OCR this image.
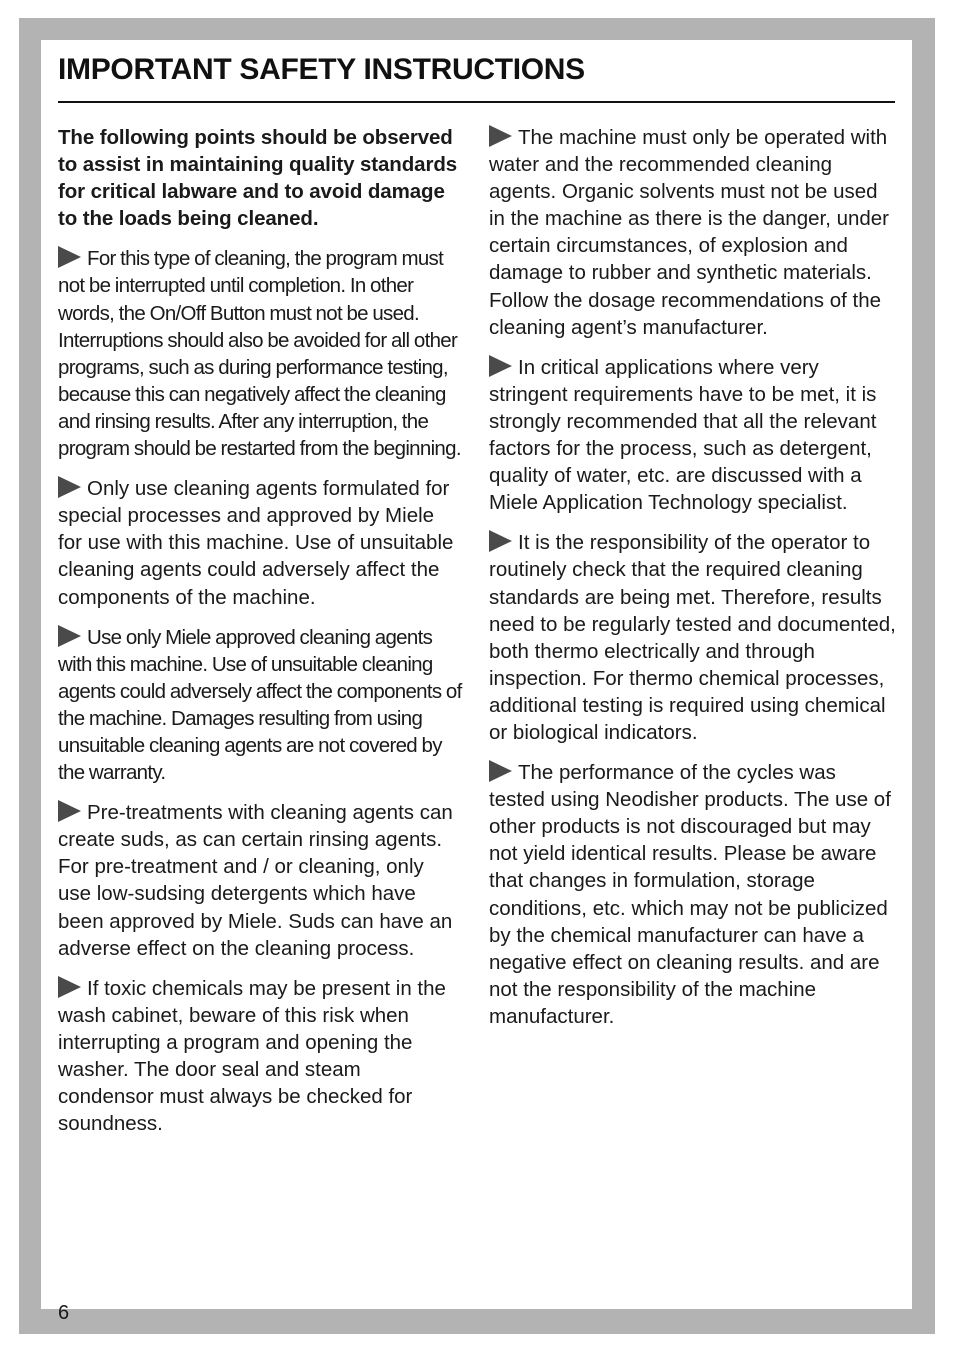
IMPORTANT SAFETY INSTRUCTIONS

The following points should be observed to assist in maintaining quality standards for critical labware and to avoid damage to the loads being cleaned.

For this type of cleaning, the program must not be interrupted until completion. In other words, the On/Off Button must not be used. Interruptions should also be avoided for all other programs, such as during performance testing, because this can negatively affect the cleaning and rinsing results. After any interruption, the program should be restarted from the beginning.

Only use cleaning agents formulated for special processes and approved by Miele for use with this machine. Use of unsuitable cleaning agents could adversely affect the components of the machine.

Use only Miele approved cleaning agents with this machine. Use of unsuitable cleaning agents could adversely affect the components of the machine. Damages resulting from using unsuitable cleaning agents are not covered by the warranty.

Pre-treatments with cleaning agents can create suds, as can certain rinsing agents. For pre-treatment and / or cleaning, only use low-sudsing detergents which have been approved by Miele. Suds can have an adverse effect on the cleaning process.

If toxic chemicals may be present in the wash cabinet, beware of this risk when interrupting a program and opening the washer. The door seal and steam condensor must always be checked for soundness.

The machine must only be operated with water and the recommended cleaning agents. Organic solvents must not be used in the machine as there is the danger, under certain circumstances, of explosion and damage to rubber and synthetic materials. Follow the dosage recommendations of the cleaning agent’s manufacturer.

In critical applications where very stringent requirements have to be met, it is strongly recommended that all the relevant factors for the process, such as detergent, quality of water, etc. are discussed with a Miele Application Technology specialist.

It is the responsibility of the operator to routinely check that the required cleaning standards are being met. Therefore, results need to be regularly tested and documented, both thermo electrically and through inspection. For thermo chemical processes, additional testing is required using chemical or biological indicators.

The performance of the cycles was tested using Neodisher products. The use of other products is not discouraged but may not yield identical results. Please be aware that changes in formulation, storage conditions, etc. which may not be publicized by the chemical manufacturer can have a negative effect on cleaning results. and are not the responsibility of the machine manufacturer.

6
